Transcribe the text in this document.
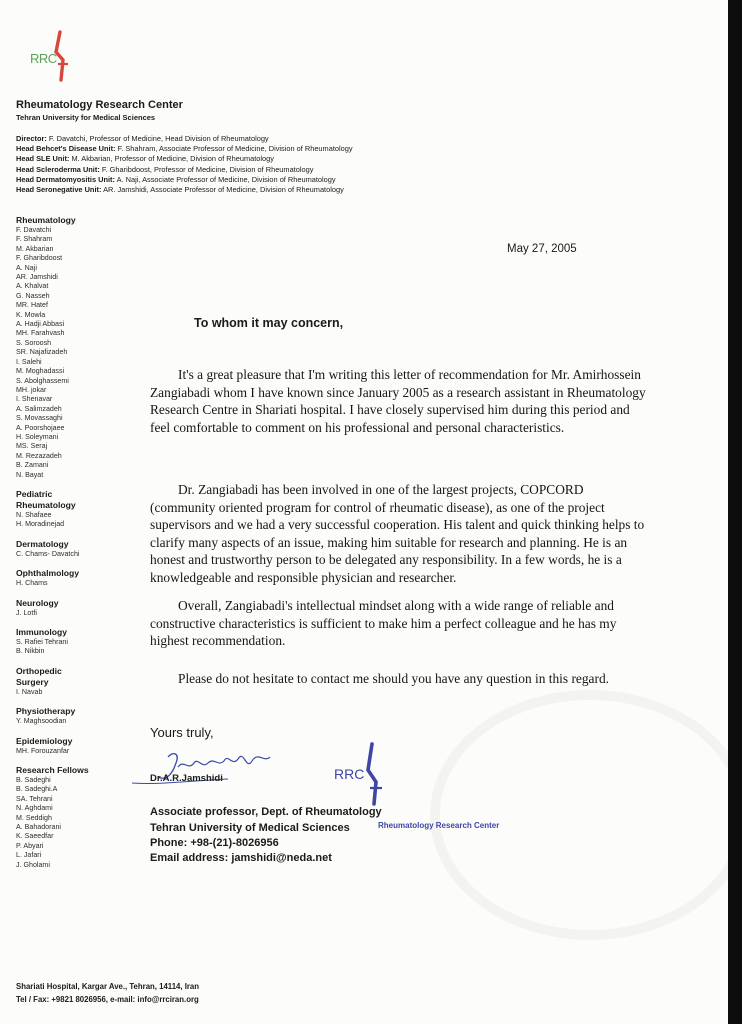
RRC
Rheumatology Research Center
Tehran University for Medical Sciences
Director: F. Davatchi, Professor of Medicine, Head Division of Rheumatology
Head Behcet's Disease Unit: F. Shahram, Associate Professor of Medicine, Division of Rheumatology
Head SLE Unit: M. Akbarian, Professor of Medicine, Division of Rheumatology
Head Scleroderma Unit: F. Gharibdoost, Professor of Medicine, Division of Rheumatology
Head Dermatomyositis Unit: A. Naji, Associate Professor of Medicine, Division of Rheumatology
Head Seronegative Unit: AR. Jamshidi, Associate Professor of Medicine, Division of Rheumatology
Rheumatology
F. Davatchi
F. Shahram
M. Akbarian
F. Gharibdoost
A. Naji
AR. Jamshidi
A. Khalvat
G. Nasseh
MR. Hatef
K. Mowla
A. Hadji Abbasi
MH. Farahvash
S. Soroosh
SR. Najafizadeh
I. Salehi
M. Moghadassi
S. Abolghassemi
MH. jokar
I. Shenavar
A. Salimzadeh
S. Movassaghi
A. Poorshojaee
H. Soleymani
MS. Seraj
M. Rezazadeh
B. Zamani
N. Bayat
Pediatric Rheumatology
N. Shafaee
H. Moradinejad
Dermatology
C. Chams- Davatchi
Ophthalmology
H. Chams
Neurology
J. Lotfi
Immunology
S. Rafiei Tehrani
B. Nikbin
Orthopedic Surgery
I. Navab
Physiotherapy
Y. Maghsoodian
Epidemiology
MH. Forouzanfar
Research Fellows
B. Sadeghi
B. Sadeghi.A
SA. Tehrani
N. Aghdami
M. Seddigh
A. Bahadorani
K. Saeedfar
P. Abyari
L. Jafari
J. Gholami
Shariati Hospital, Kargar Ave., Tehran, 14114, Iran
Tel / Fax: +9821 8026956, e-mail: info@rrciran.org
May 27, 2005
To whom it may concern,
It's a great pleasure that I'm writing this letter of recommendation for Mr. Amirhossein Zangiabadi whom I have known since January 2005 as a research assistant in Rheumatology Research Centre in Shariati hospital. I have closely supervised him during this period and feel comfortable to comment on his professional and personal characteristics.
Dr. Zangiabadi has been involved in one of the largest projects, COPCORD (community oriented program for control of rheumatic disease), as one of the project supervisors and we had a very successful cooperation. His talent and quick thinking helps to clarify many aspects of an issue, making him suitable for research and planning. He is an honest and trustworthy person to be delegated any responsibility. In a few words, he is a knowledgeable and responsible physician and researcher.
Overall, Zangiabadi's intellectual mindset along with a wide range of reliable and constructive characteristics is sufficient to make him a perfect colleague and he has my highest recommendation.
Please do not hesitate to contact me should you have any question in this regard.
Yours truly,
Dr.A.R.Jamshidi	RRC
Rheumatology Research Center
Associate professor, Dept. of Rheumatology
Tehran University of Medical Sciences
Phone: +98-(21)-8026956
Email address: jamshidi@neda.net
